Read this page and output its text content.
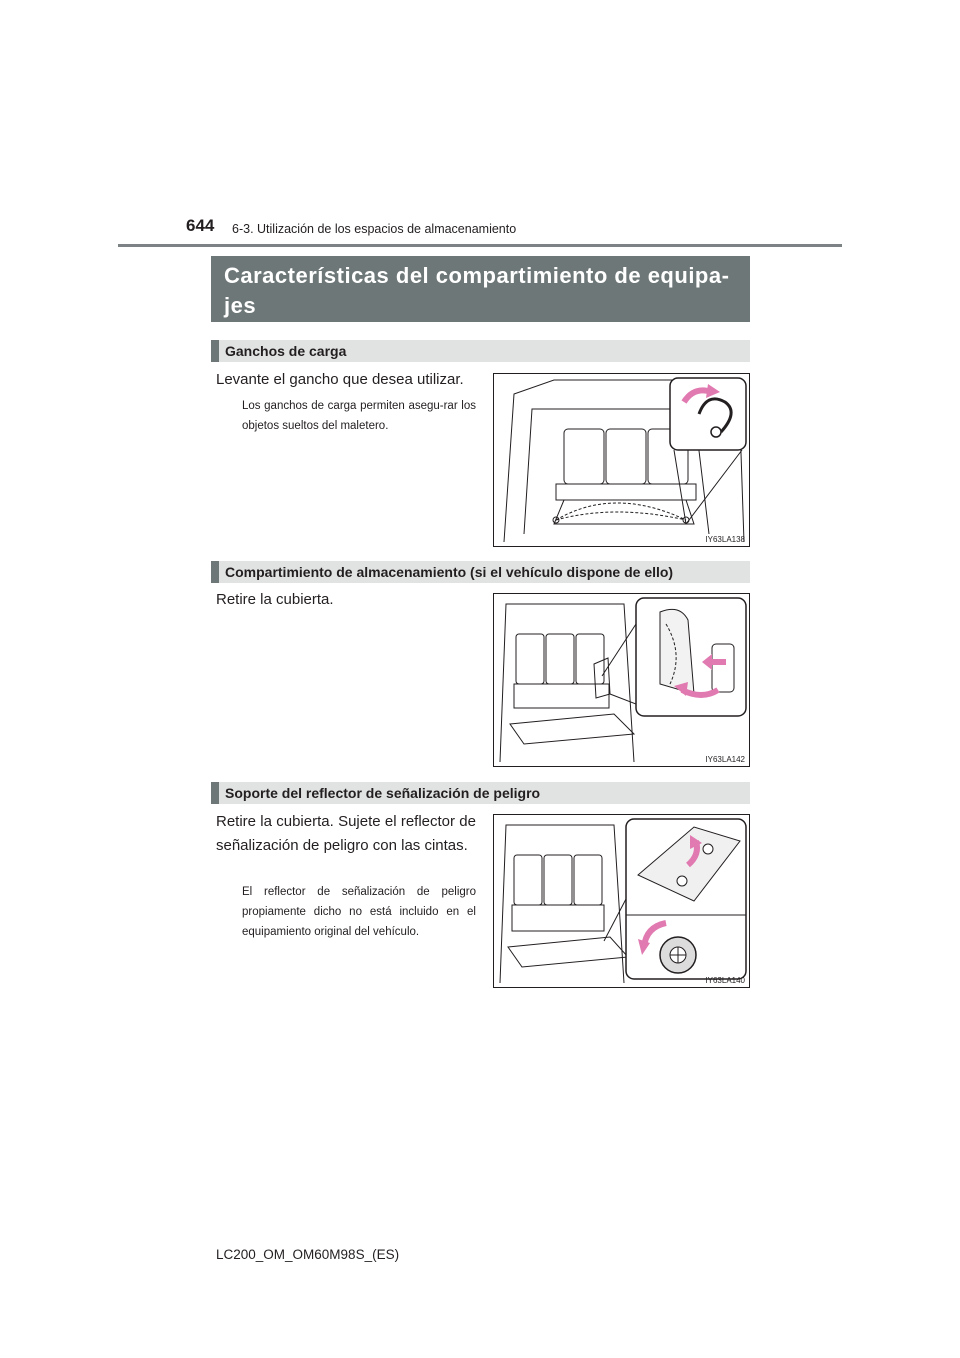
644 6-3. Utilización de los espacios de almacenamiento
Características del compartimiento de equipa-jes
Ganchos de carga
Levante el gancho que desea utilizar.
Los ganchos de carga permiten asegu-rar los objetos sueltos del maletero.
IY63LA138
Compartimiento de almacenamiento (si el vehículo dispone de ello)
Retire la cubierta.
IY63LA142
Soporte del reflector de señalización de peligro
Retire la cubierta. Sujete el reflector de señalización de peligro con las cintas.
El reflector de señalización de peligro propiamente dicho no está incluido en el equipamiento original del vehículo.
IY63LA140
LC200_OM_OM60M98S_(ES)
